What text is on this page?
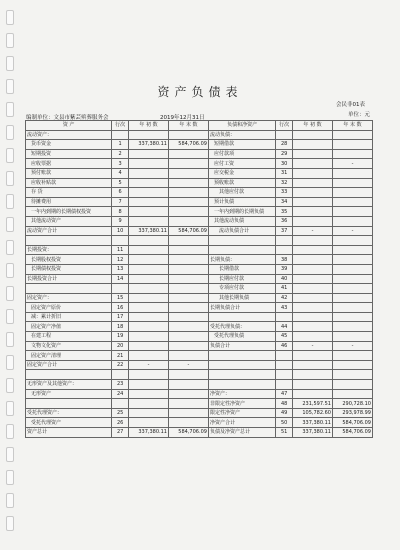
资产负债表
会民非01表
单位：元
编制单位：文县市紫芸殡葬服务会	2019年12月31日
资 产	行次	年 初 数	年 末 数	负债和净资产	行次	年 初 数	年 末 数
流动资产：				流动负债：			
货币资金	1	337,380.11	584,706.09	短期借款	28		
短期投资	2			应付款项	29		
应收票据	3			应付工资	30		-
预付账款	4			应交税金	31		
应收补贴款	5			预收账款	32		
存 货	6			其他应付款	33		
待摊费用	7			预计负债	34		
一年内到期的长期债权投资	8			一年内到期的长期负债	35		
其他流动资产	9			其他流动负债	36		
流动资产合计	10	337,380.11	584,706.09	流动负债合计	37	-	-

长期投资：	11						
长期股权投资	12			长期负债：	38		
长期债权投资	13			长期借款	39		
长期投资合计	14			长期应付款	40		
				专项应付款	41		
固定资产：	15			其他长期负债	42		
固定资产原价	16			长期负债合计	43		
减：累计折旧	17						
固定资产净值	18			受托代理负债：	44		
在建工程	19			受托代理负债	45		
文物文化资产	20			负债合计	46	-	-
固定资产清理	21						
固定资产合计	22	-	-				

无形资产及其他资产：	23						
无形资产	24			净资产：	47		
				非限定性净资产	48	231,597.51	290,728.10
受托代理资产：	25			限定性净资产	49	105,782.60	293,978.99
受托代理资产	26			净资产合计	50	337,380.11	584,706.09
资产总计	27	337,380.11	584,706.09	负债及净资产总计	51	337,380.11	584,706.09
